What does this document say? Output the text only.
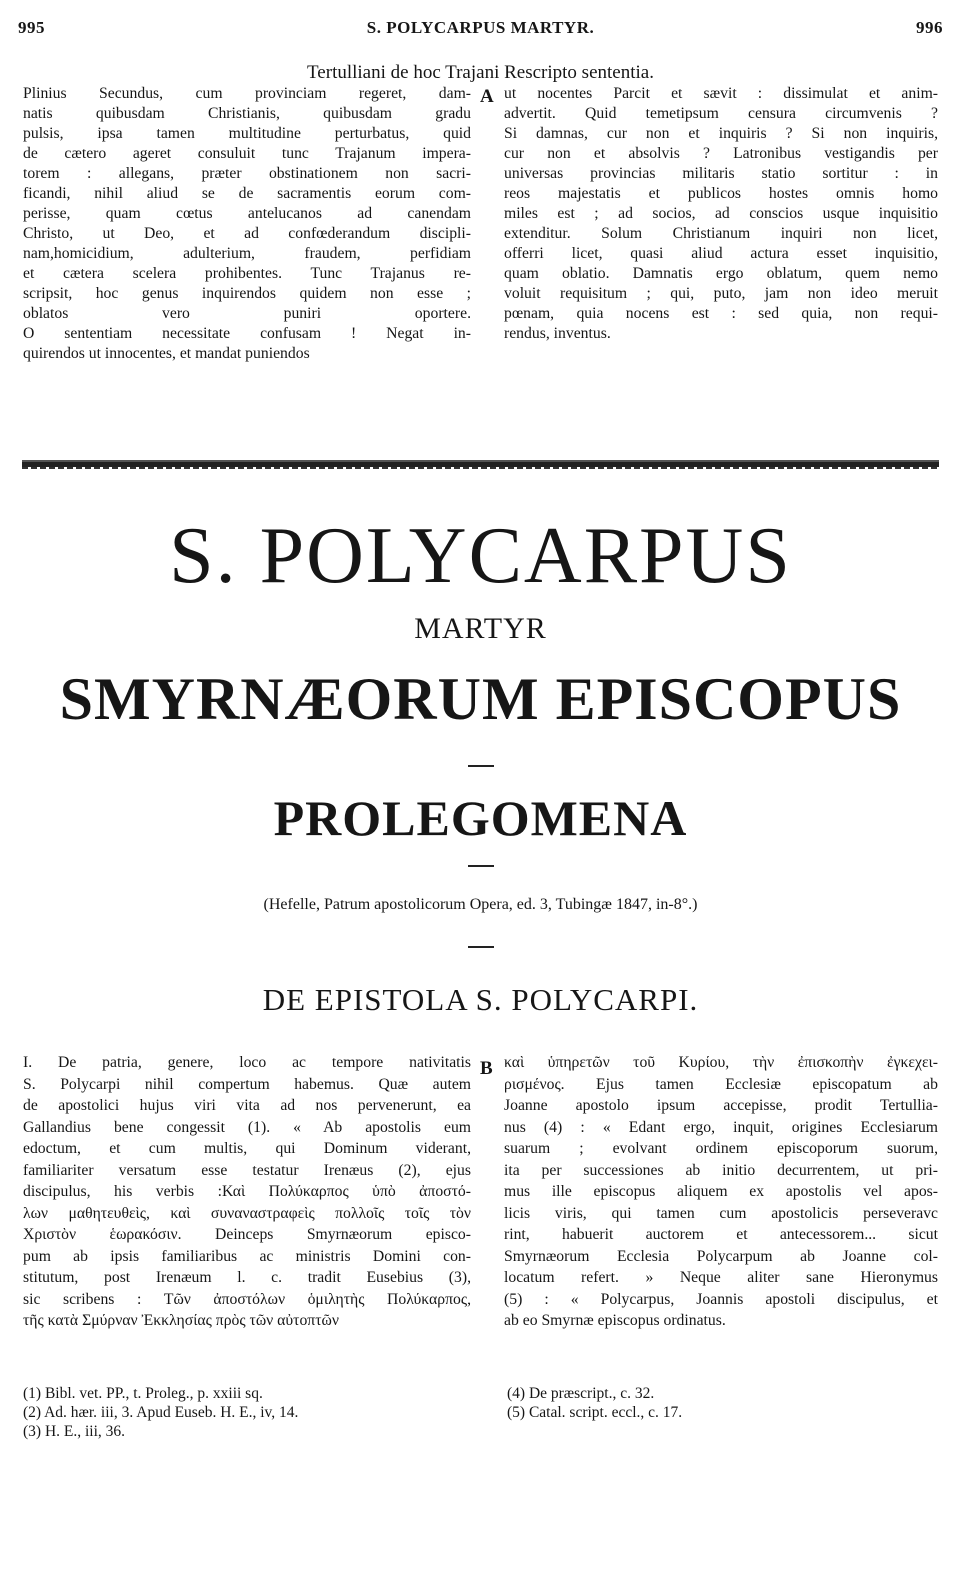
995	S. POLYCARPUS MARTYR.	996
Tertulliani de hoc Trajani Rescripto sententia.
Plinius Secundus, cum provinciam regeret, dam-
natis quibusdam Christianis, quibusdam gradu
pulsis, ipsa tamen multitudine perturbatus, quid
de cætero ageret consuluit tunc Trajanum impera-
torem : allegans, præter obstinationem non sacri-
ficandi, nihil aliud se de sacramentis eorum com-
perisse, quam cœtus antelucanos ad canendam
Christo, ut Deo, et ad confœderandum discipli-
nam,homicidium, adulterium, fraudem, perfidiam
et cætera scelera prohibentes. Tunc Trajanus re-
scripsit, hoc genus inquirendos quidem non esse ;
oblatos vero puniri oportere.
O sententiam necessitate confusam ! Negat in-
quirendos ut innocentes, et mandat puniendos
A ut nocentes Parcit et sævit : dissimulat et anim-
advertit. Quid temetipsum censura circumvenis ?
Si damnas, cur non et inquiris ? Si non inquiris,
cur non et absolvis ? Latronibus vestigandis per
universas provincias militaris statio sortitur : in
reos majestatis et publicos hostes omnis homo
miles est ; ad socios, ad conscios usque inquisitio
extenditur. Solum Christianum inquiri non licet,
offerri licet, quasi aliud actura esset inquisitio,
quam oblatio. Damnatis ergo oblatum, quem nemo
voluit requisitum ; qui, puto, jam non ideo meruit
pœnam, quia nocens est : sed quia, non requi-
rendus, inventus.
S. POLYCARPUS
MARTYR
SMYRNÆORUM EPISCOPUS
PROLEGOMENA
(Hefelle, Patrum apostolicorum Opera, ed. 3, Tubingæ 1847, in-8°.)
DE EPISTOLA S. POLYCARPI.
I. De patria, genere, loco ac tempore nativitatis
S. Polycarpi nihil compertum habemus. Quæ autem
de apostolici hujus viri vita ad nos pervenerunt, ea
Gallandius bene congessit (1). « Ab apostolis eum
edoctum, et cum multis, qui Dominum viderant,
familiariter versatum esse testatur Irenæus (2), ejus
discipulus, his verbis :Καὶ Πολύκαρπος ὑπὸ ἀποστό-
λων μαθητευθεὶς, καὶ συναναστραφεὶς πολλοῖς τοῖς τὸν
Χριστὸν ἑωρακόσιν. Deinceps Smyrnæorum episco-
pum ab ipsis familiaribus ac ministris Domini con-
stitutum, post Irenæum l. c. tradit Eusebius (3),
sic scribens : Τῶν ἀποστόλων ὁμιλητὴς Πολύκαρπος,
τῆς κατὰ Σμύρναν Ἐκκλησίας πρὸς τῶν αὐτοπτῶν
B καὶ ὑπηρετῶν τοῦ Κυρίου, τὴν ἐπισκοπὴν ἐγκεχει-
ρισμένος. Ejus tamen Ecclesiæ episcopatum ab
Joanne apostolo ipsum accepisse, prodit Tertullia-
nus (4) : « Edant ergo, inquit, origines Ecclesiarum
suarum ; evolvant ordinem episcoporum suorum,
ita per successiones ab initio decurrentem, ut pri-
mus ille episcopus aliquem ex apostolis vel apos-
licis viris, qui tamen cum apostolicis perseveravc
rint, habuerit auctorem et antecessorem... sicut
Smyrnæorum Ecclesia Polycarpum ab Joanne col-
locatum refert. » Neque aliter sane Hieronymus
(5) : « Polycarpus, Joannis apostoli discipulus, et
ab eo Smyrnæ episcopus ordinatus.
(1) Bibl. vet. PP., t. Proleg., p. xxiii sq.
(2) Ad. hær. iii, 3. Apud Euseb. H. E., iv, 14.
(3) H. E., iii, 36.
(4) De præscript., c. 32.
(5) Catal. script. eccl., c. 17.
